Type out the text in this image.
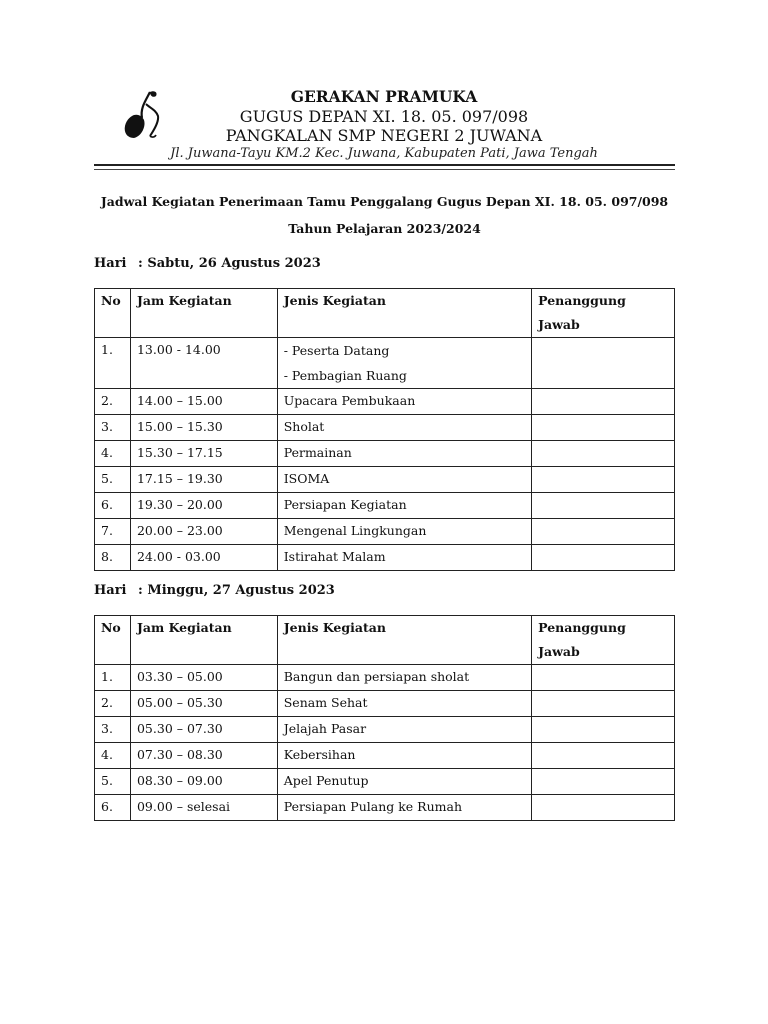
GERAKAN PRAMUKA
GUGUS DEPAN XI. 18. 05. 097/098
PANGKALAN SMP NEGERI 2 JUWANA
Jl. Juwana-Tayu KM.2 Kec. Juwana, Kabupaten Pati, Jawa Tengah
Jadwal Kegiatan Penerimaan Tamu Penggalang Gugus Depan XI. 18. 05. 097/098
Tahun Pelajaran 2023/2024
Hari : Sabtu, 26 Agustus 2023
No	Jam Kegiatan	Jenis Kegiatan	Penanggung Jawab
1.	13.00 - 14.00	- Peserta Datang
- Pembagian Ruang	

2.	14.00 – 15.00	Upacara Pembukaan	
3.	15.00 – 15.30	Sholat	
4.	15.30 – 17.15	Permainan	
5.	17.15 – 19.30	ISOMA	
6.	19.30 – 20.00	Persiapan Kegiatan	
7.	20.00 – 23.00	Mengenal Lingkungan	
8.	24.00 - 03.00	Istirahat Malam	
Hari : Minggu, 27 Agustus 2023
No	Jam Kegiatan	Jenis Kegiatan	Penanggung Jawab
1.	03.30 – 05.00	Bangun dan persiapan sholat	
2.	05.00 – 05.30	Senam Sehat	
3.	05.30 – 07.30	Jelajah Pasar	
4.	07.30 – 08.30	Kebersihan	
5.	08.30 – 09.00	Apel Penutup	
6.	09.00 – selesai	Persiapan Pulang ke Rumah	
